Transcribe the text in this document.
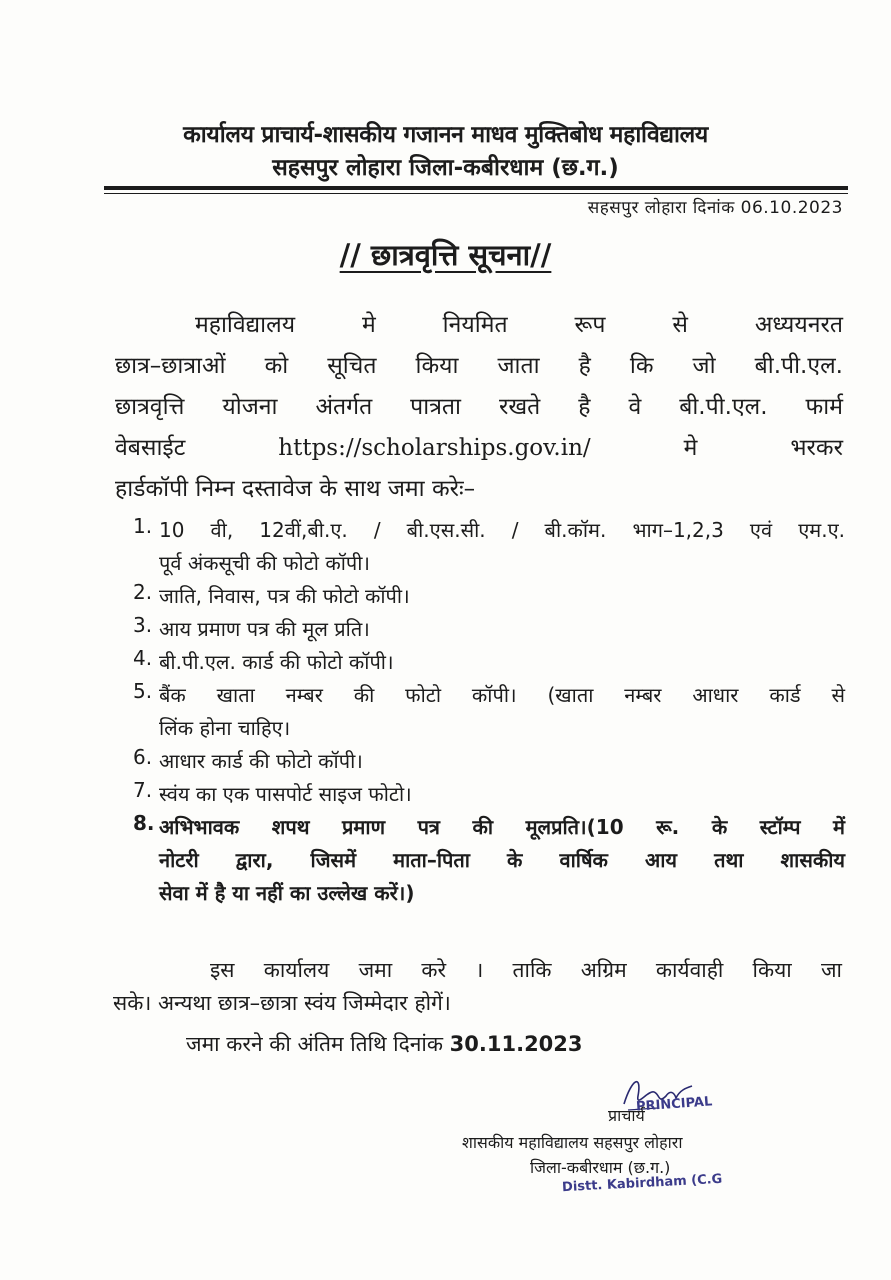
कार्यालय प्राचार्य-शासकीय गजानन माधव मुक्तिबोध महाविद्यालय
सहसपुर लोहारा जिला-कबीरधाम (छ.ग.)
सहसपुर लोहारा दिनांक 06.10.2023
// छात्रवृत्ति सूचना//
महाविद्यालय	मे	नियमित	रूप	से	अध्ययनरत
छात्र–छात्राओं को सूचित किया जाता है कि जो बी.पी.एल.
छात्रवृत्ति योजना अंतर्गत पात्रता रखते है वे बी.पी.एल. फार्म
वेबसाईट	https://scholarships.gov.in/	मे	भरकर
हार्डकॉपी निम्न दस्तावेज के साथ जमा करेः–
1. 10 वी, 12वीं,बी.ए. / बी.एस.सी. / बी.कॉम. भाग–1,2,3 एवं एम.ए.
पूर्व अंकसूची की फोटो कॉपी।
2. जाति, निवास, पत्र की फोटो कॉपी।
3. आय प्रमाण पत्र की मूल प्रति।
4. बी.पी.एल. कार्ड की फोटो कॉपी।
5. बैंक खाता नम्बर की फोटो कॉपी। (खाता नम्बर आधार कार्ड से
लिंक होना चाहिए।
6. आधार कार्ड की फोटो कॉपी।
7. स्वंय का एक पासपोर्ट साइज फोटो।
8. अभिभावक शपथ प्रमाण पत्र की मूलप्रति।(10 रू. के स्टॉम्प में
नोटरी द्वारा, जिसमें माता–पिता के वार्षिक आय तथा शासकीय
सेवा में है या नहीं का उल्लेख करें।)
इस कार्यालय जमा करे । ताकि अग्रिम कार्यवाही किया जा
सके। अन्यथा छात्र–छात्रा स्वंय जिम्मेदार होगें।
जमा करने की अंतिम तिथि दिनांक 30.11.2023
प्राचार्य
PRINCIPAL
शासकीय महाविद्यालय सहसपुर लोहारा
जिला-कबीरधाम (छ.ग.)
Distt. Kabirdham (C.G
